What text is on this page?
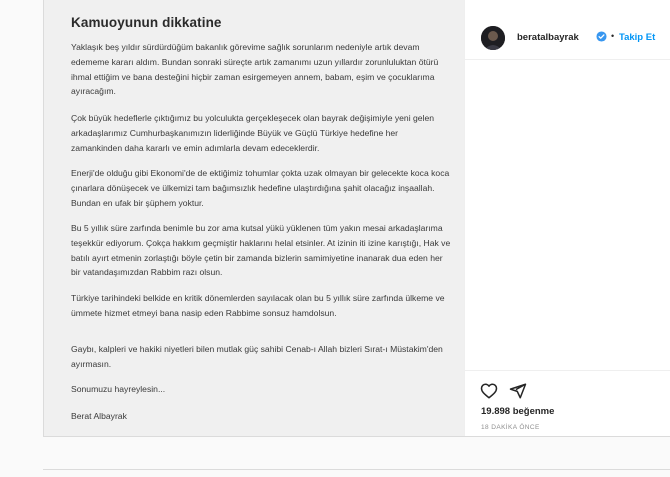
Kamuoyunun dikkatine

Yaklaşık beş yıldır sürdürdüğüm bakanlık görevime sağlık sorunlarım nedeniyle artık devam edememe kararı aldım. Bundan sonraki süreçte artık zamanımı uzun yıllardır zorunluluktan ötürü ihmal ettiğim ve bana desteğini hiçbir zaman esirgemeyen annem, babam, eşim ve çocuklarıma ayıracağım.

Çok büyük hedeflerle çıktığımız bu yolculukta gerçekleşecek olan bayrak değişimiyle yeni gelen arkadaşlarımız Cumhurbaşkanımızın liderliğinde Büyük ve Güçlü Türkiye hedefine her zamankinden daha kararlı ve emin adımlarla devam edeceklerdir.

Enerji'de olduğu gibi Ekonomi'de de ektiğimiz tohumlar çokta uzak olmayan bir gelecekte koca koca çınarlara dönüşecek ve ülkemizi tam bağımsızlık hedefine ulaştırdığına şahit olacağız inşaallah. Bundan en ufak bir şüphem yoktur.

Bu 5 yıllık süre zarfında benimle bu zor ama kutsal yükü yüklenen tüm yakın mesai arkadaşlarıma teşekkür ediyorum. Çokça hakkım geçmiştir haklarını helal etsinler. At izinin iti izine karıştığı, Hak ve batılı ayırt etmenin zorlaştığı böyle çetin bir zamanda bizlerin samimiyetine inanarak dua eden her bir vatandaşımızdan Rabbim razı olsun.

Türkiye tarihindeki belkide en kritik dönemlerden sayılacak olan bu 5 yıllık süre zarfında ülkeme ve ümmete hizmet etmeyi bana nasip eden Rabbime sonsuz hamdolsun.

Gaybı, kalpleri ve hakiki niyetleri bilen mutlak güç sahibi Cenab-ı Allah bizleri Sırat-ı Müstakim'den ayırmasın.

Sonumuzu hayreylesin...

Berat Albayrak

beratalbayrak	• Takip Et
19.898 beğenme
18 DAKİKA ÖNCE
